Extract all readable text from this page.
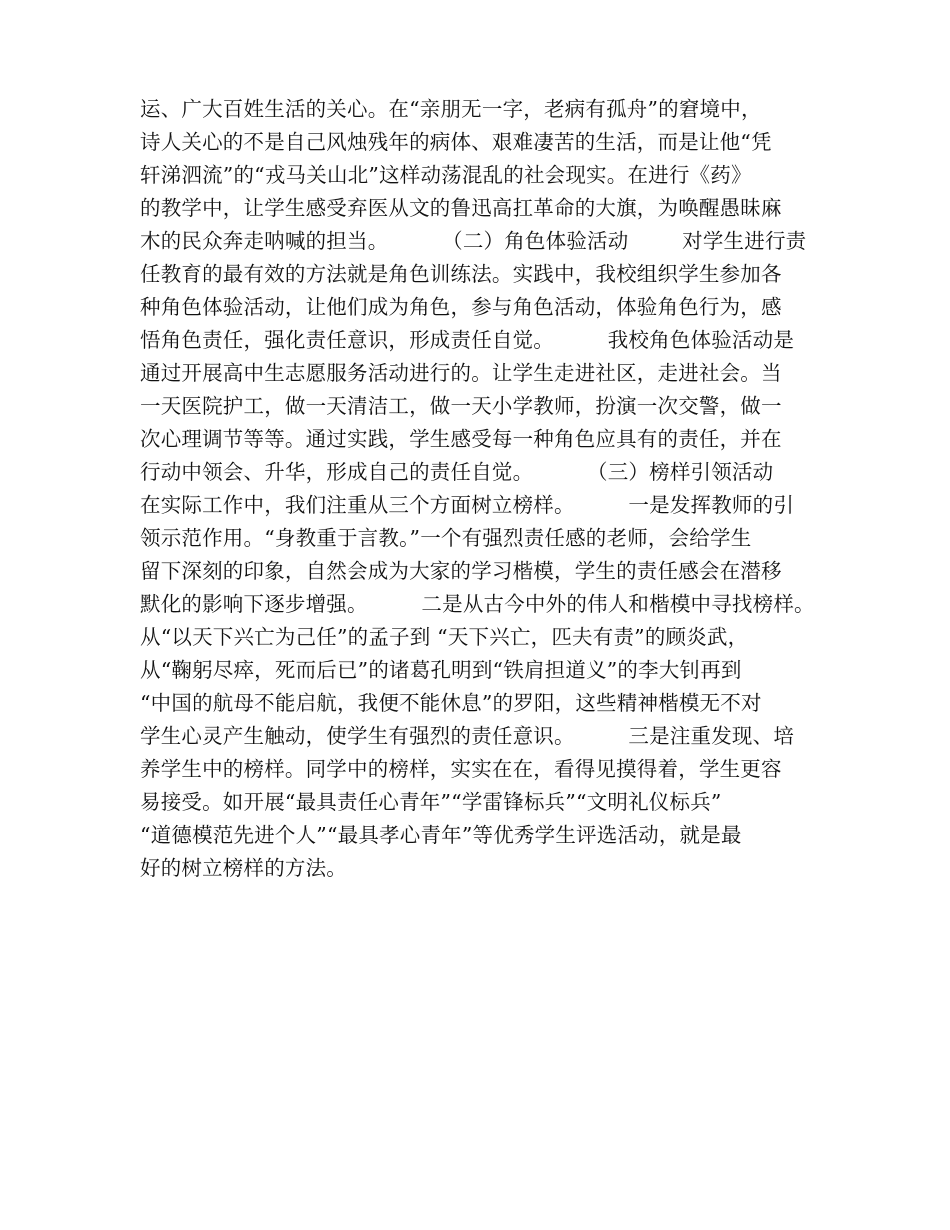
运、广大百姓生活的关心。在“亲朋无一字，老病有孤舟”的窘境中，
诗人关心的不是自己风烛残年的病体、艰难凄苦的生活，而是让他“凭
轩涕泗流”的“戎马关山北”这样动荡混乱的社会现实。在进行《药》
的教学中，让学生感受弃医从文的鲁迅高扛革命的大旗，为唤醒愚昧麻
木的民众奔走呐喊的担当。        （二）角色体验活动        对学生进行责
任教育的最有效的方法就是角色训练法。实践中，我校组织学生参加各
种角色体验活动，让他们成为角色，参与角色活动，体验角色行为，感
悟角色责任，强化责任意识，形成责任自觉。        我校角色体验活动是
通过开展高中生志愿服务活动进行的。让学生走进社区，走进社会。当
一天医院护工，做一天清洁工，做一天小学教师，扮演一次交警，做一
次心理调节等等。通过实践，学生感受每一种角色应具有的责任，并在
行动中领会、升华，形成自己的责任自觉。        （三）榜样引领活动
在实际工作中，我们注重从三个方面树立榜样。        一是发挥教师的引
领示范作用。“身教重于言教。”一个有强烈责任感的老师，会给学生
留下深刻的印象，自然会成为大家的学习楷模，学生的责任感会在潜移
默化的影响下逐步增强。        二是从古今中外的伟人和楷模中寻找榜样。
从“以天下兴亡为己任”的孟子到 “天下兴亡，匹夫有责”的顾炎武，
从“鞠躬尽瘁，死而后已”的诸葛孔明到“铁肩担道义”的李大钊再到
“中国的航母不能启航，我便不能休息”的罗阳，这些精神楷模无不对
学生心灵产生触动，使学生有强烈的责任意识。        三是注重发现、培
养学生中的榜样。同学中的榜样，实实在在，看得见摸得着，学生更容
易接受。如开展“最具责任心青年”“学雷锋标兵”“文明礼仪标兵”
“道德模范先进个人”“最具孝心青年”等优秀学生评选活动，就是最
好的树立榜样的方法。
